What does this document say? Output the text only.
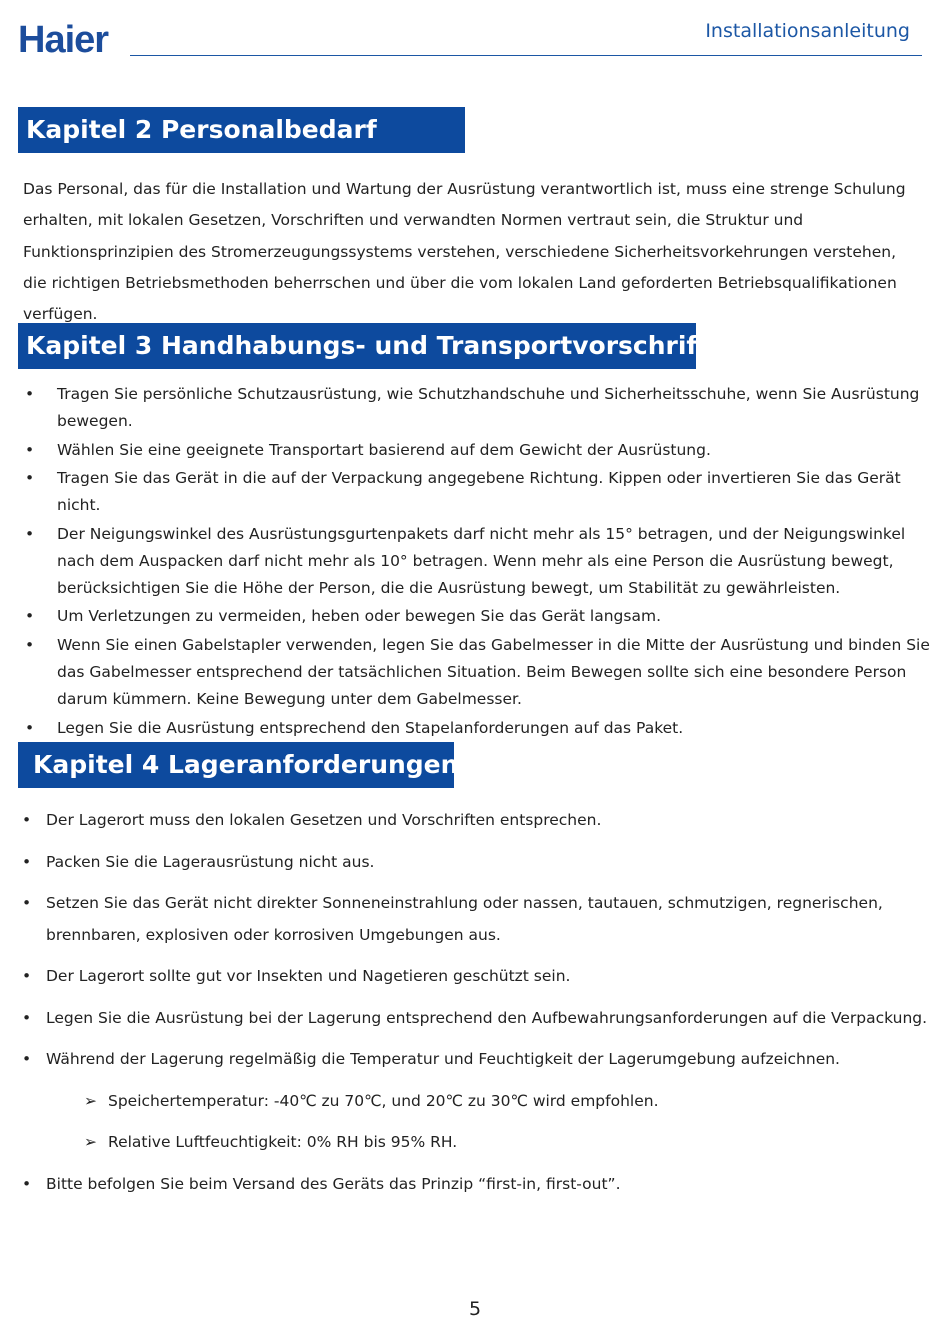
Haier	Installationsanleitung
Kapitel 2 Personalbedarf

Das Personal, das für die Installation und Wartung der Ausrüstung verantwortlich ist, muss eine strenge Schulung erhalten, mit lokalen Gesetzen, Vorschriften und verwandten Normen vertraut sein, die Struktur und Funktionsprinzipien des Stromerzeugungssystems verstehen, verschiedene Sicherheitsvorkehrungen verstehen, die richtigen Betriebsmethoden beherrschen und über die vom lokalen Land geforderten Betriebsqualifikationen verfügen.

Kapitel 3 Handhabungs- und Transportvorschriften
• Tragen Sie persönliche Schutzausrüstung, wie Schutzhandschuhe und Sicherheitsschuhe, wenn Sie Ausrüstung bewegen.
• Wählen Sie eine geeignete Transportart basierend auf dem Gewicht der Ausrüstung.
• Tragen Sie das Gerät in die auf der Verpackung angegebene Richtung. Kippen oder invertieren Sie das Gerät nicht.
• Der Neigungswinkel des Ausrüstungsgurtenpakets darf nicht mehr als 15° betragen, und der Neigungswinkel nach dem Auspacken darf nicht mehr als 10° betragen. Wenn mehr als eine Person die Ausrüstung bewegt, berücksichtigen Sie die Höhe der Person, die die Ausrüstung bewegt, um Stabilität zu gewährleisten.
• Um Verletzungen zu vermeiden, heben oder bewegen Sie das Gerät langsam.
• Wenn Sie einen Gabelstapler verwenden, legen Sie das Gabelmesser in die Mitte der Ausrüstung und binden Sie das Gabelmesser entsprechend der tatsächlichen Situation. Beim Bewegen sollte sich eine besondere Person darum kümmern. Keine Bewegung unter dem Gabelmesser.
• Legen Sie die Ausrüstung entsprechend den Stapelanforderungen auf das Paket.
Kapitel 4 Lageranforderungen
• Der Lagerort muss den lokalen Gesetzen und Vorschriften entsprechen.
• Packen Sie die Lagerausrüstung nicht aus.
• Setzen Sie das Gerät nicht direkter Sonneneinstrahlung oder nassen, tautauen, schmutzigen, regnerischen, brennbaren, explosiven oder korrosiven Umgebungen aus.
• Der Lagerort sollte gut vor Insekten und Nagetieren geschützt sein.
• Legen Sie die Ausrüstung bei der Lagerung entsprechend den Aufbewahrungsanforderungen auf die Verpackung.
• Während der Lagerung regelmäßig die Temperatur und Feuchtigkeit der Lagerumgebung aufzeichnen.
➢ Speichertemperatur: -40℃ zu 70℃, und 20℃ zu 30℃ wird empfohlen.
➢ Relative Luftfeuchtigkeit: 0% RH bis 95% RH.
• Bitte befolgen Sie beim Versand des Geräts das Prinzip “first-in, first-out”.
5
